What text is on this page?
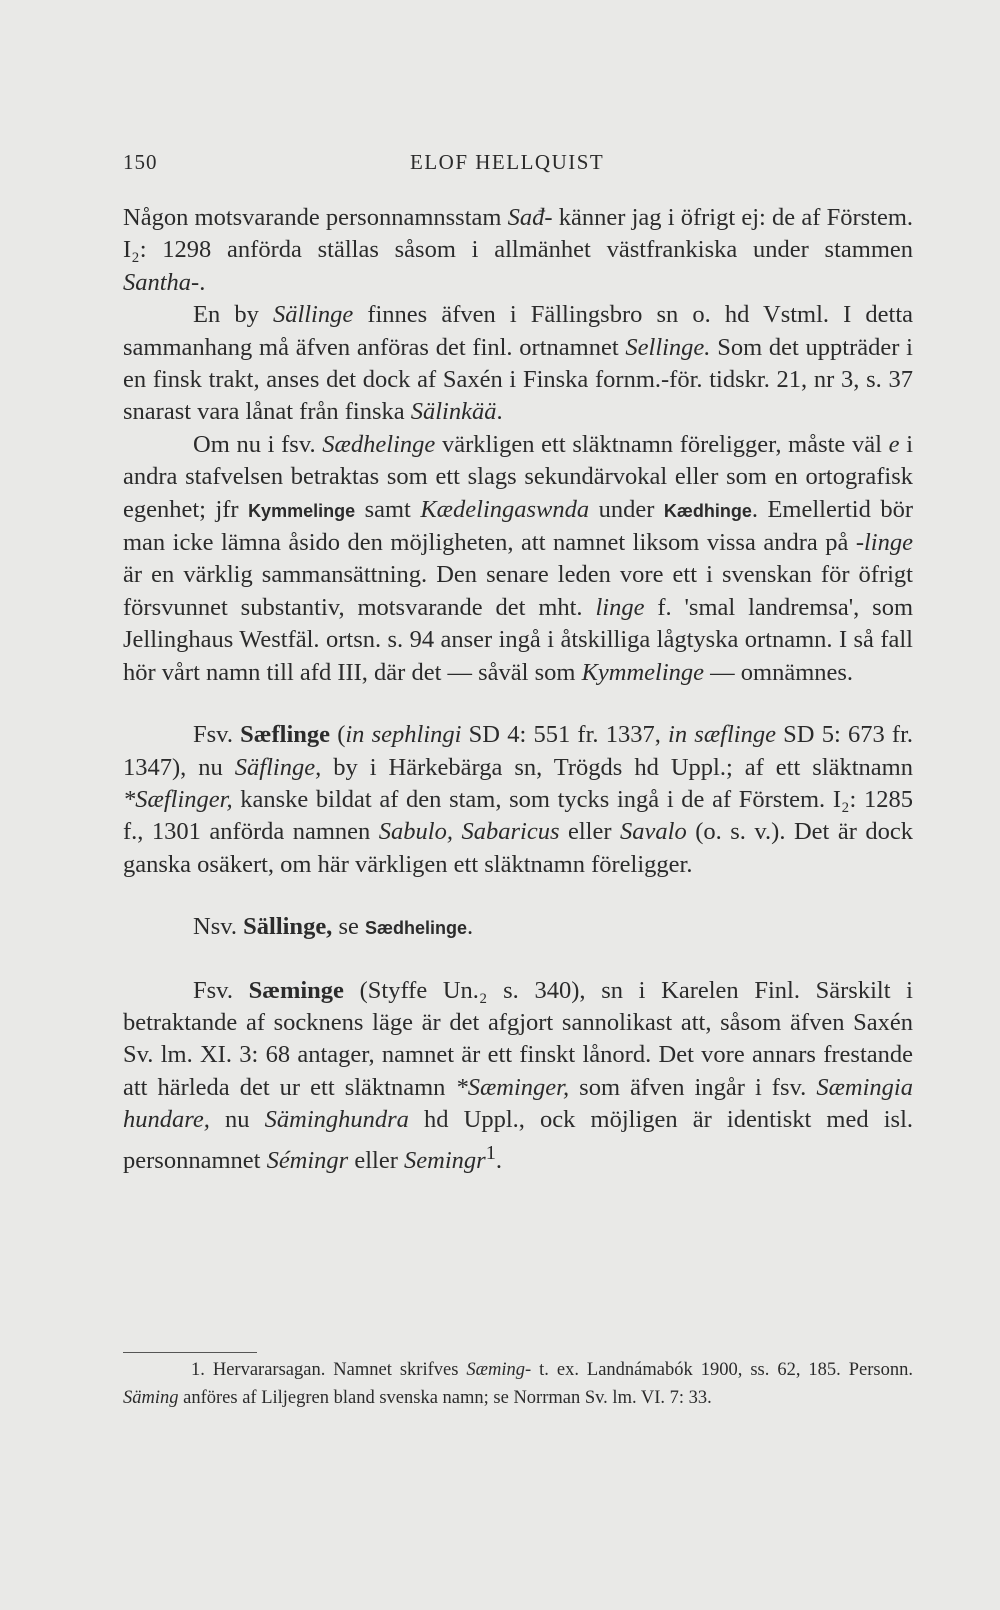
150	ELOF HELLQUIST

Någon motsvarande personnamnsstam Sađ- känner jag i öfrigt ej: de af Förstem. I₂: 1298 anförda ställas såsom i allmänhet västfrankiska under stammen Santha-.

En by Sällinge finnes äfven i Fällingsbro sn o. hd Vstml. I detta sammanhang må äfven anföras det finl. ortnamnet Sellinge. Som det uppträder i en finsk trakt, anses det dock af Saxén i Finska fornm.-för. tidskr. 21, nr 3, s. 37 snarast vara lånat från finska Sälinkää.

Om nu i fsv. Sædhelinge värkligen ett släktnamn föreligger, måste väl e i andra stafvelsen betraktas som ett slags sekundärvokal eller som en ortografisk egenhet; jfr Kymmelinge samt Kædelingaswnda under Kædhinge. Emellertid bör man icke lämna åsido den möjligheten, att namnet liksom vissa andra på -linge är en värklig sammansättning. Den senare leden vore ett i svenskan för öfrigt försvunnet substantiv, motsvarande det mht. linge f. 'smal landremsa', som Jellinghaus Westfäl. ortsn. s. 94 anser ingå i åtskilliga lågtyska ortnamn. I så fall hör vårt namn till afd III, där det — såväl som Kymmelinge — omnämnes.

Fsv. Sæflinge (in sephlingi SD 4: 551 fr. 1337, in sæflinge SD 5: 673 fr. 1347), nu Säflinge, by i Härkebärga sn, Trögds hd Uppl.; af ett släktnamn *Sæflinger, kanske bildat af den stam, som tycks ingå i de af Förstem. I₂: 1285 f., 1301 anförda namnen Sabulo, Sabaricus eller Savalo (o. s. v.). Det är dock ganska osäkert, om här värkligen ett släktnamn föreligger.

Nsv. Sällinge, se Sædhelinge.

Fsv. Sæminge (Styffe Un.₂ s. 340), sn i Karelen Finl. Särskilt i betraktande af socknens läge är det afgjort sannolikast att, såsom äfven Saxén Sv. lm. XI. 3: 68 antager, namnet är ett finskt lånord. Det vore annars frestande att härleda det ur ett släktnamn *Sæminger, som äfven ingår i fsv. Sæmingia hundare, nu Säminghundra hd Uppl., ock möjligen är identiskt med isl. personnamnet Sémingr eller Semingr$^1$.

1. Hervararsagan. Namnet skrifves Sæming- t. ex. Landnámabók 1900, ss. 62, 185. Personn. Säming anföres af Liljegren bland svenska namn; se Norrman Sv. lm. VI. 7: 33.
